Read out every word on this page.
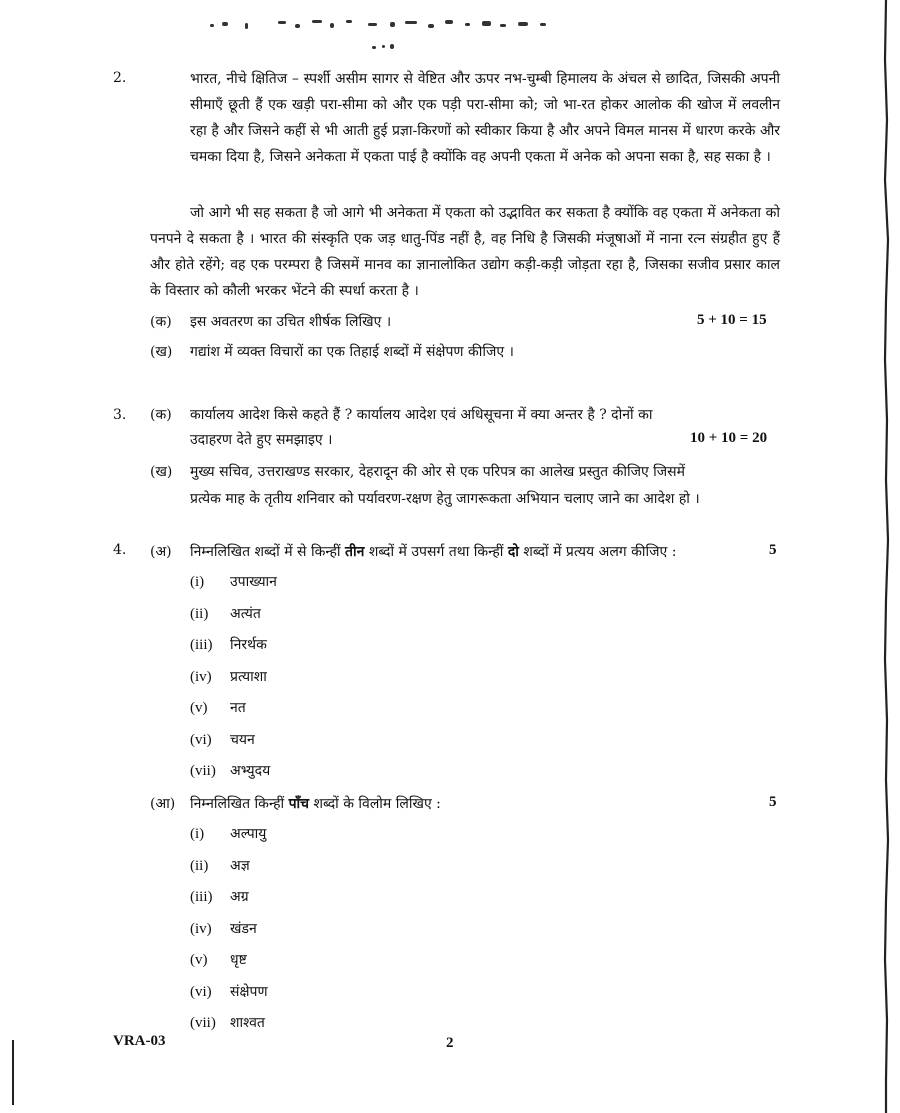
2.	भारत, नीचे क्षितिज – स्पर्शी असीम सागर से वेष्टित और ऊपर नभ-चुम्बी हिमालय के अंचल से छादित, जिसकी अपनी सीमाएँ छूती हैं एक खड़ी परा-सीमा को और एक पड़ी परा-सीमा को; जो भा-रत होकर आलोक की खोज में लवलीन रहा है और जिसने कहीं से भी आती हुई प्रज्ञा-किरणों को स्वीकार किया है और अपने विमल मानस में धारण करके और चमका दिया है, जिसने अनेकता में एकता पाई है क्योंकि वह अपनी एकता में अनेक को अपना सका है, सह सका है ।
जो आगे भी सह सकता है जो आगे भी अनेकता में एकता को उद्भावित कर सकता है क्योंकि वह एकता में अनेकता को पनपने दे सकता है । भारत की संस्कृति एक जड़ धातु-पिंड नहीं है, वह निधि है जिसकी मंजूषाओं में नाना रत्न संग्रहीत हुए हैं और होते रहेंगे; वह एक परम्परा है जिसमें मानव का ज्ञानालोकित उद्योग कड़ी-कड़ी जोड़ता रहा है, जिसका सजीव प्रसार काल के विस्तार को कौली भरकर भेंटने की स्पर्धा करता है ।
(क) इस अवतरण का उचित शीर्षक लिखिए ।	5 + 10 = 15
(ख) गद्यांश में व्यक्त विचारों का एक तिहाई शब्दों में संक्षेपण कीजिए ।
3. (क) कार्यालय आदेश किसे कहते हैं ? कार्यालय आदेश एवं अधिसूचना में क्या अन्तर है ? दोनों का
उदाहरण देते हुए समझाइए ।	10 + 10 = 20
(ख) मुख्य सचिव, उत्तराखण्ड सरकार, देहरादून की ओर से एक परिपत्र का आलेख प्रस्तुत कीजिए जिसमें
प्रत्येक माह के तृतीय शनिवार को पर्यावरण-रक्षण हेतु जागरूकता अभियान चलाए जाने का आदेश हो ।
4. (अ) निम्नलिखित शब्दों में से किन्हीं तीन शब्दों में उपसर्ग तथा किन्हीं दो शब्दों में प्रत्यय अलग कीजिए :	5
(i) उपाख्यान
(ii) अत्यंत
(iii) निरर्थक
(iv) प्रत्याशा
(v) नत
(vi) चयन
(vii) अभ्युदय
(आ) निम्नलिखित किन्हीं पाँच शब्दों के विलोम लिखिए :	5
(i) अल्पायु
(ii) अज्ञ
(iii) अग्र
(iv) खंडन
(v) धृष्ट
(vi) संक्षेपण
(vii) शाश्वत
VRA-03	2
